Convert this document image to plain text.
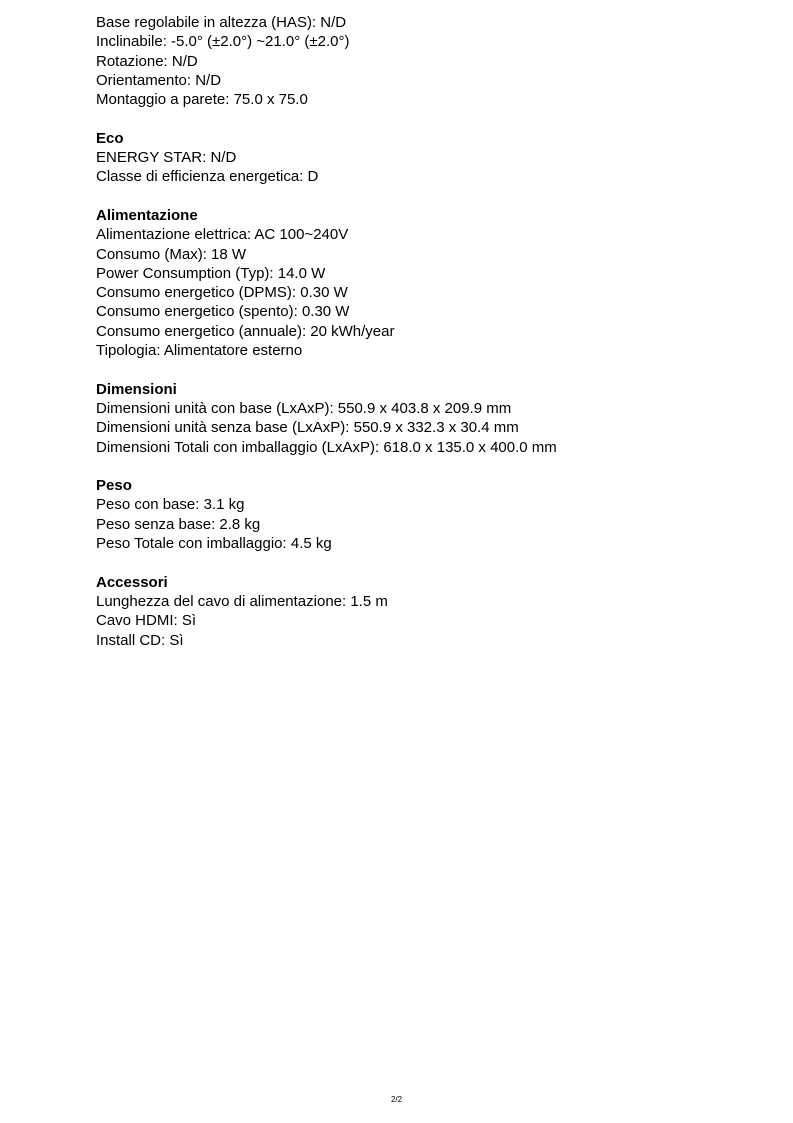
Base regolabile in altezza (HAS): N/D
Inclinabile: -5.0° (±2.0°) ~21.0° (±2.0°)
Rotazione: N/D
Orientamento: N/D
Montaggio a parete: 75.0 x 75.0
Eco
ENERGY STAR: N/D
Classe di efficienza energetica: D
Alimentazione
Alimentazione elettrica: AC 100~240V
Consumo (Max): 18 W
Power Consumption (Typ): 14.0 W
Consumo energetico (DPMS): 0.30 W
Consumo energetico (spento): 0.30 W
Consumo energetico (annuale): 20 kWh/year
Tipologia: Alimentatore esterno
Dimensioni
Dimensioni unità con base (LxAxP): 550.9 x 403.8 x 209.9 mm
Dimensioni unità senza base (LxAxP): 550.9 x 332.3 x 30.4 mm
Dimensioni Totali con imballaggio (LxAxP): 618.0 x 135.0 x 400.0 mm
Peso
Peso con base: 3.1 kg
Peso senza base: 2.8 kg
Peso Totale con imballaggio: 4.5 kg
Accessori
Lunghezza del cavo di alimentazione: 1.5 m
Cavo HDMI: Sì
Install CD: Sì
2/2
